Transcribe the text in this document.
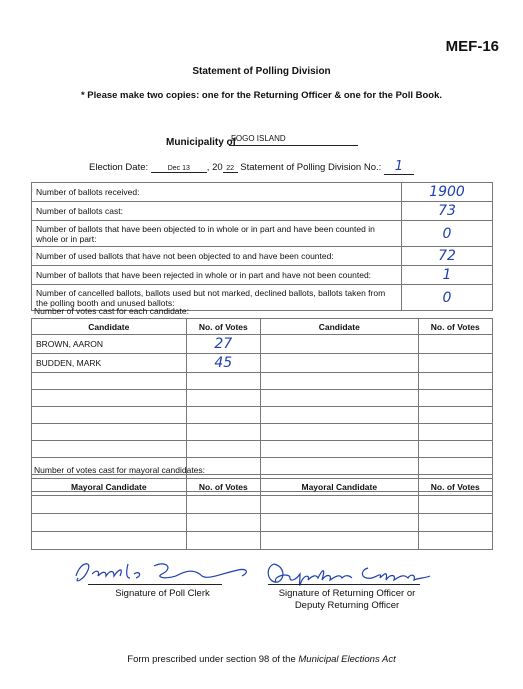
MEF-16
Statement of Polling Division
* Please make two copies: one for the Returning Officer & one for the Poll Book.
Municipality of
FOGO ISLAND
Election Date:	Dec 13 , 20 22 Statement of Polling Division No.: 1
Number of ballots received:	1900
Number of ballots cast:	73
Number of ballots that have been objected to in whole or in part and have been counted in whole or in part:	0
Number of used ballots that have not been objected to and have been counted:	72
Number of ballots that have been rejected in whole or in part and have not been counted:	1
Number of cancelled ballots, ballots used but not marked, declined ballots, ballots taken from the polling booth and unused ballots:	0
Number of votes cast for each candidate:
Candidate	No. of Votes	Candidate	No. of Votes
BROWN, AARON	27		
BUDDEN, MARK	45		

Number of votes cast for mayoral candidates:
Mayoral Candidate	No. of Votes	Mayoral Candidate	No. of Votes

Signature of Poll Clerk	Signature of Returning Officer or
Deputy Returning Officer
Form prescribed under section 98 of the Municipal Elections Act
